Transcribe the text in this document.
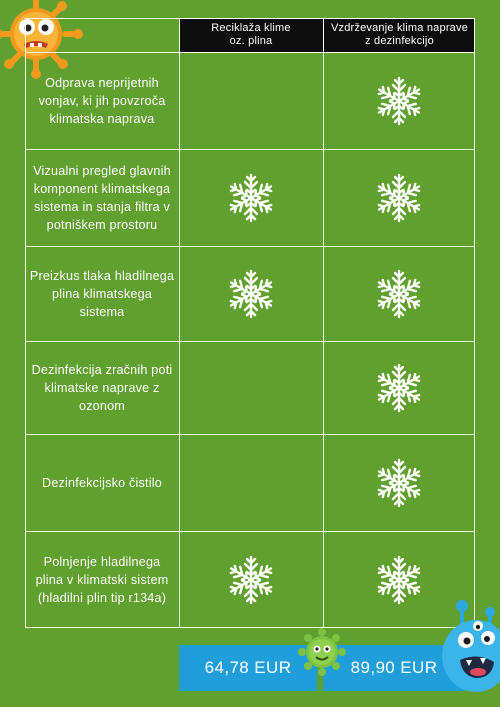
Reciklaža klime
oz. plina
Vzdrževanje klima naprave
z dezinfekcijo
Odprava neprijetnih vonjav, ki jih povzroča klimatska naprava
Vizualni pregled glavnih komponent klimatskega sistema in stanja filtra v potniškem prostoru
Preizkus tlaka hladilnega plina klimatskega sistema
Dezinfekcija zračnih poti klimatske naprave z ozonom
Dezinfekcijsko čistilo
Polnjenje hladilnega plina v klimatski sistem (hladilni plin tip r134a)
64,78 EUR	89,90 EUR
